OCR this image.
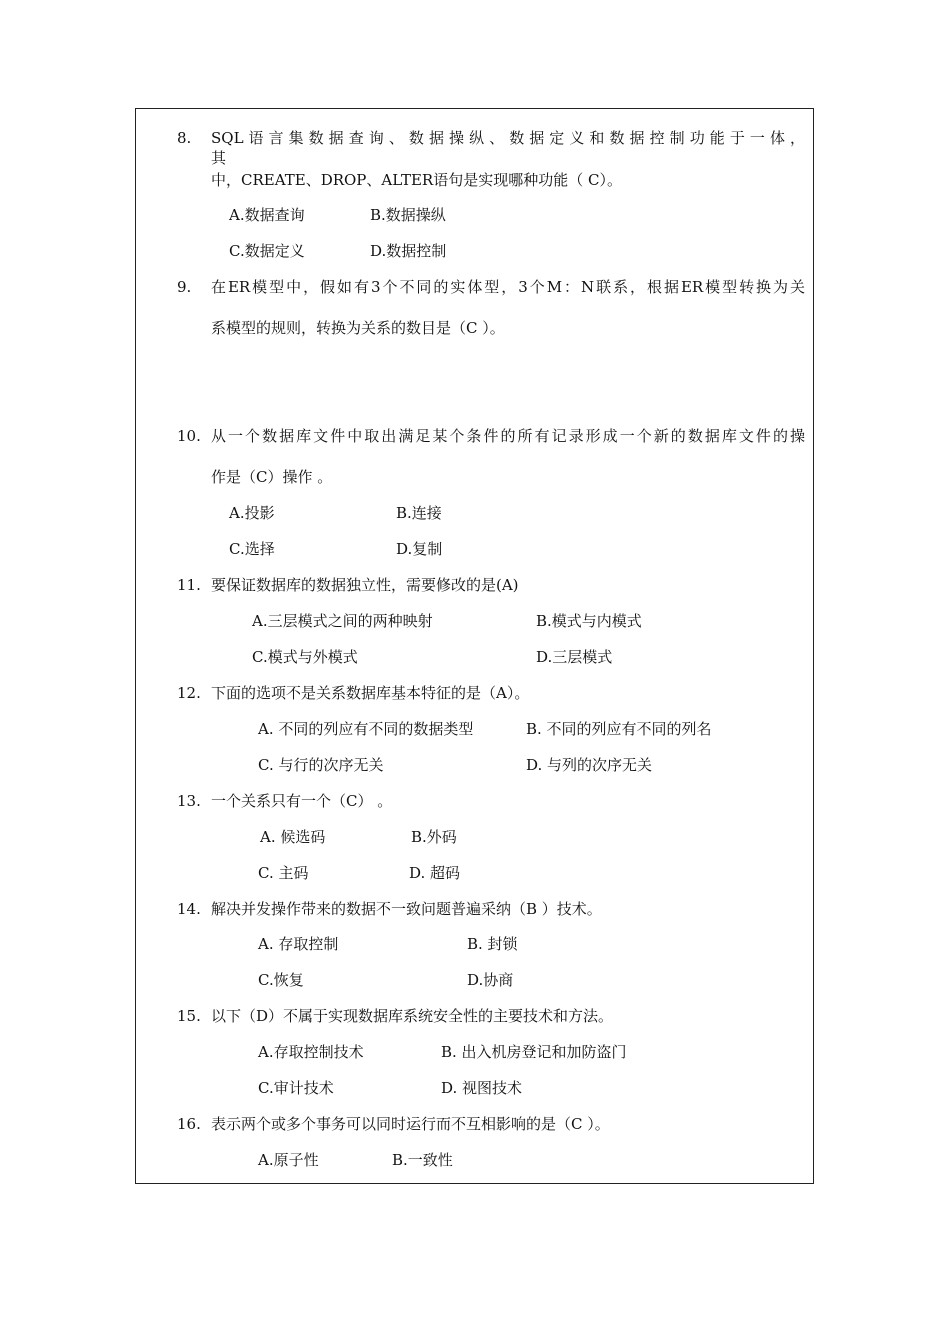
8. SQL 语 言 集 数 据 查 询 、 数 据 操 纵 、 数 据 定 义 和 数 据 控 制 功 能 于 一 体 ， 其
中，CREATE、DROP、ALTER语句是实现哪种功能（ C）。
A.数据查询	B.数据操纵
C.数据定义	D.数据控制
9. 在ER模型中，假如有3个不同的实体型，3个M：N联系，根据ER模型转换为关
系模型的规则，转换为关系的数目是（C ）。
10. 从一个数据库文件中取出满足某个条件的所有记录形成一个新的数据库文件的操
作是（C）操作 。
A.投影	B.连接
C.选择	D.复制
11. 要保证数据库的数据独立性，需要修改的是(A)
A.三层模式之间的两种映射	B.模式与内模式
C.模式与外模式	D.三层模式
12. 下面的选项不是关系数据库基本特征的是（A）。
A. 不同的列应有不同的数据类型	B. 不同的列应有不同的列名
C. 与行的次序无关	D. 与列的次序无关
13. 一个关系只有一个（C） 。
A. 候选码	B.外码
C. 主码	D. 超码
14. 解决并发操作带来的数据不一致问题普遍采纳（B ）技术。
A. 存取控制	B. 封锁
C.恢复	D.协商
15. 以下（D）不属于实现数据库系统安全性的主要技术和方法。
A.存取控制技术	B. 出入机房登记和加防盗门
C.审计技术	D. 视图技术
16. 表示两个或多个事务可以同时运行而不互相影响的是（C ）。
A.原子性	B.一致性
